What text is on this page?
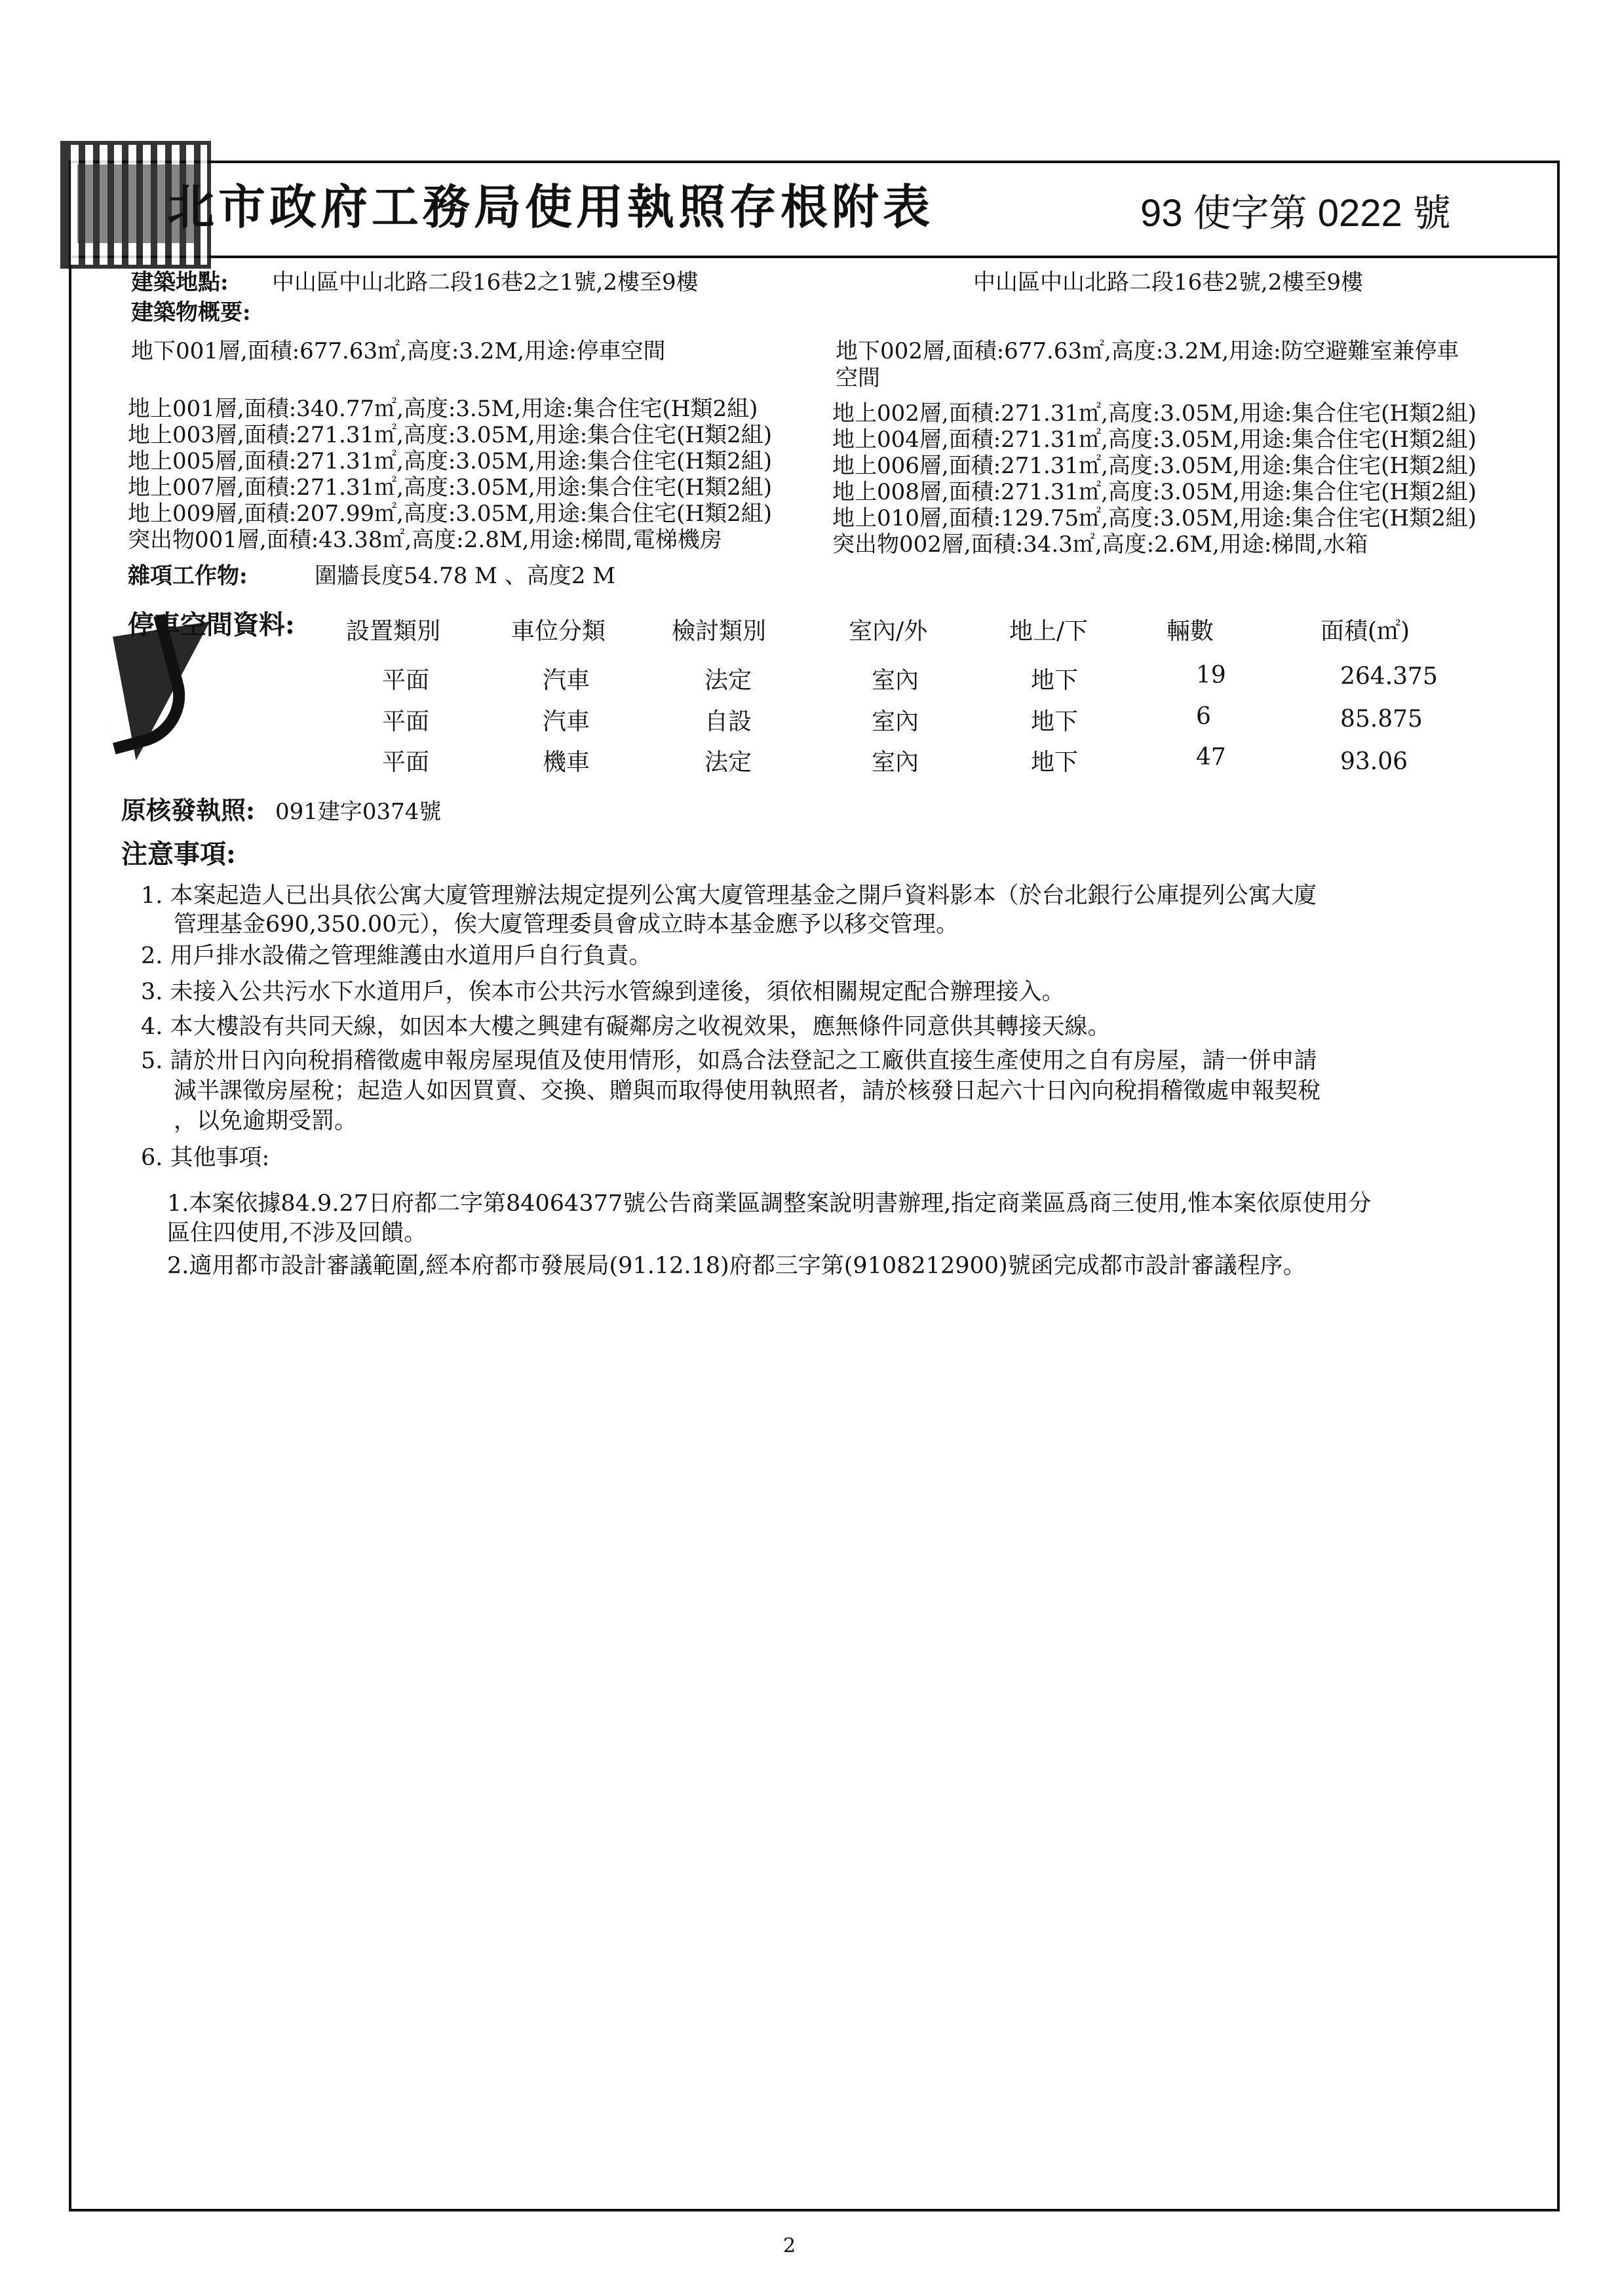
北市政府工務局使用執照存根附表	93 使字第 0222 號
建築地點: 中山區中山北路二段16巷2之1號,2樓至9樓	中山區中山北路二段16巷2號,2樓至9樓
建築物概要:
地下001層,面積:677.63㎡,高度:3.2M,用途:停車空間	地下002層,面積:677.63㎡,高度:3.2M,用途:防空避難室兼停車
空間
地上001層,面積:340.77㎡,高度:3.5M,用途:集合住宅(H類2組)
地上003層,面積:271.31㎡,高度:3.05M,用途:集合住宅(H類2組)
地上005層,面積:271.31㎡,高度:3.05M,用途:集合住宅(H類2組)
地上007層,面積:271.31㎡,高度:3.05M,用途:集合住宅(H類2組)
地上009層,面積:207.99㎡,高度:3.05M,用途:集合住宅(H類2組)
突出物001層,面積:43.38㎡,高度:2.8M,用途:梯間,電梯機房
地上002層,面積:271.31㎡,高度:3.05M,用途:集合住宅(H類2組)
地上004層,面積:271.31㎡,高度:3.05M,用途:集合住宅(H類2組)
地上006層,面積:271.31㎡,高度:3.05M,用途:集合住宅(H類2組)
地上008層,面積:271.31㎡,高度:3.05M,用途:集合住宅(H類2組)
地上010層,面積:129.75㎡,高度:3.05M,用途:集合住宅(H類2組)
突出物002層,面積:34.3㎡,高度:2.6M,用途:梯間,水箱
雜項工作物:	圍牆長度54.78 M 、高度2 M
停車空間資料: 設置類別	車位分類	檢討類別	室內/外	地上/下	輛數	面積(㎡)
平面	汽車	法定	室內	地下	19	264.375
平面	汽車	自設	室內	地下	6	85.875
平面	機車	法定	室內	地下	47	93.06
原核發執照: 091建字0374號
注意事項:
1. 本案起造人已出具依公寓大廈管理辦法規定提列公寓大廈管理基金之開戶資料影本（於台北銀行公庫提列公寓大廈
管理基金690,350.00元），俟大廈管理委員會成立時本基金應予以移交管理。
2. 用戶排水設備之管理維護由水道用戶自行負責。
3. 未接入公共污水下水道用戶，俟本市公共污水管線到達後，須依相關規定配合辦理接入。
4. 本大樓設有共同天線，如因本大樓之興建有礙鄰房之收視效果，應無條件同意供其轉接天線。
5. 請於卅日內向稅捐稽徵處申報房屋現值及使用情形，如爲合法登記之工廠供直接生產使用之自有房屋，請一併申請
減半課徵房屋稅；起造人如因買賣、交換、贈與而取得使用執照者，請於核發日起六十日內向稅捐稽徵處申報契稅
，以免逾期受罰。
6. 其他事項:
1.本案依據84.9.27日府都二字第84064377號公告商業區調整案說明書辦理,指定商業區爲商三使用,惟本案依原使用分
區住四使用,不涉及回饋。
2.適用都市設計審議範圍,經本府都市發展局(91.12.18)府都三字第(9108212900)號函完成都市設計審議程序。
2
